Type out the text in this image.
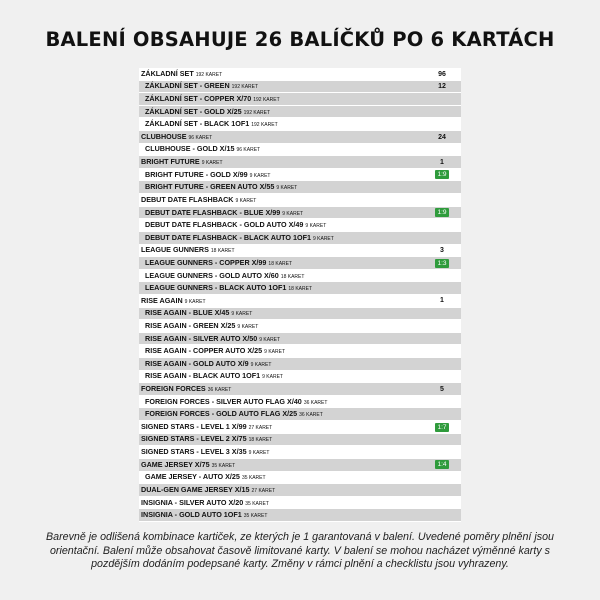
BALENÍ OBSAHUJE 26 BALÍČKŮ PO 6 KARTÁCH
ZÁKLADNÍ SET 192 KARET	96
ZÁKLADNÍ SET - GREEN 192 KARET	12
ZÁKLADNÍ SET - COPPER X/70 192 KARET
ZÁKLADNÍ SET - GOLD X/25 192 KARET
ZÁKLADNÍ SET - BLACK 1OF1 192 KARET
CLUBHOUSE 96 KARET	24
CLUBHOUSE - GOLD X/15 96 KARET
BRIGHT FUTURE 9 KARET	1
BRIGHT FUTURE - GOLD X/99 9 KARET	1:9
BRIGHT FUTURE - GREEN AUTO X/55 9 KARET
DEBUT DATE FLASHBACK 9 KARET
DEBUT DATE FLASHBACK - BLUE X/99 9 KARET	1:9
DEBUT DATE FLASHBACK - GOLD AUTO X/49 9 KARET
DEBUT DATE FLASHBACK - BLACK AUTO 1OF1 9 KARET
LEAGUE GUNNERS 18 KARET	3
LEAGUE GUNNERS - COPPER X/99 18 KARET	1:3
LEAGUE GUNNERS - GOLD AUTO X/60 18 KARET
LEAGUE GUNNERS - BLACK AUTO 1OF1 18 KARET
RISE AGAIN 9 KARET	1
RISE AGAIN - BLUE X/45 9 KARET
RISE AGAIN - GREEN X/25 9 KARET
RISE AGAIN - SILVER AUTO X/50 9 KARET
RISE AGAIN - COPPER AUTO X/25 9 KARET
RISE AGAIN - GOLD AUTO X/9 9 KARET
RISE AGAIN - BLACK AUTO 1OF1 9 KARET
FOREIGN FORCES 36 KARET	5
FOREIGN FORCES - SILVER AUTO FLAG X/40 36 KARET
FOREIGN FORCES - GOLD AUTO FLAG X/25 36 KARET
SIGNED STARS - LEVEL 1 X/99 27 KARET	1:7
SIGNED STARS - LEVEL 2 X/75 18 KARET
SIGNED STARS - LEVEL 3 X/35 9 KARET
GAME JERSEY X/75 35 KARET	1:4
GAME JERSEY - AUTO X/25 35 KARET
DUAL-GEN GAME JERSEY X/15 27 KARET
INSIGNIA - SILVER AUTO X/20 35 KARET
INSIGNIA - GOLD AUTO 1OF1 35 KARET
Barevně je odlišená kombinace kartiček, ze kterých je 1 garantovaná v balení. Uvedené poměry plnění jsou orientační. Balení může obsahovat časově limitované karty. V balení se mohou nacházet výměnné karty s pozdějším dodáním podepsané karty. Změny v rámci plnění a checklistu jsou vyhrazeny.
